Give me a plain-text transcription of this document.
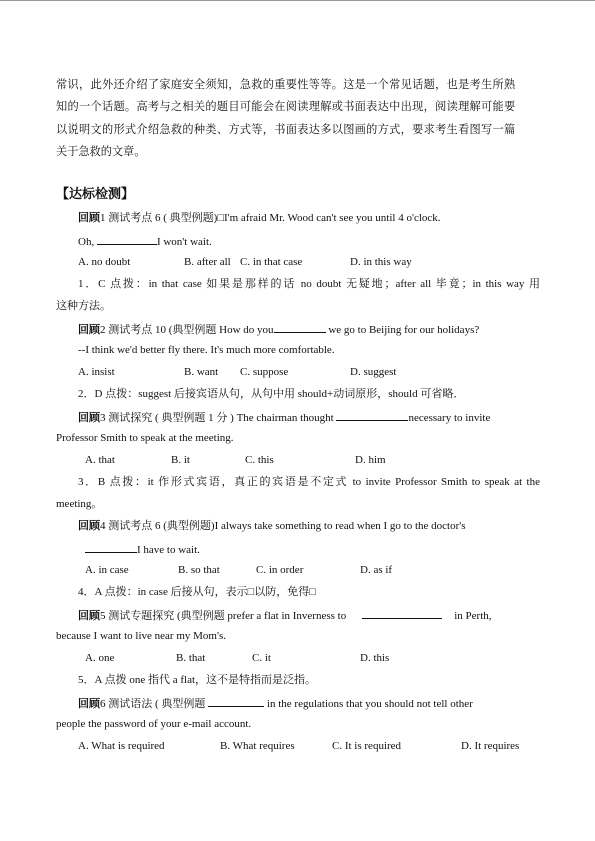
常识，此外还介绍了家庭安全须知，急救的重要性等等。这是一个常见话题，也是考生所熟
知的一个话题。高考与之相关的题目可能会在阅读理解或书面表达中出现，阅读理解可能要
以说明文的形式介绍急救的种类、方式等，书面表达多以图画的方式，要求考生看图写一篇
关于急救的文章。
【达标检测】
回顾1 测试考点 6 ( 典型例题)□I'm afraid Mr. Wood can't see you until 4 o'clock.
Oh,	I won't wait.
A. no doubt	B. after all C. in that case	D. in this way
1．C 点拨：in that case 如果是那样的话 no doubt 无疑地；after all 毕竟；in this way 用
这种方法。
回顾2 测试考点 10 (典型例题 How do you	we go to Beijing for our holidays?
--I think we'd better fly there. It's much more comfortable.
A. insist	B. want C. suppose	D. suggest
2．D 点拨：suggest 后接宾语从句，从句中用 should+动词原形，should 可省略．
回顾3 测试探究 ( 典型例题 1 分 ) The chairman thought	necessary to invite
Professor Smith to speak at the meeting.
A. that	B. it	C. this	D. him
3．B 点拨：it 作形式宾语，真正的宾语是不定式 to invite Professor Smith to speak at the
meeting。
回顾4 测试考点 6 (典型例题)I always take something to read when I go to the doctor's
I have to wait.
A. in case	B. so that	C. in order	D. as if
4．A 点拨：in case 后接从句，表示□以防，免得□
回顾5 测试专题探究 (典型例题 prefer a flat in Inverness to	in Perth,
because I want to live near my Mom's.
A. one	B. that	C. it	D. this
5．A 点拨 one 指代 a flat，这不是特指而是泛指。
回顾6 测试语法 ( 典型例题	in the regulations that you should not tell other
people the password of your e-mail account.
A. What is required	B. What requires	C. It is required	D. It requires
